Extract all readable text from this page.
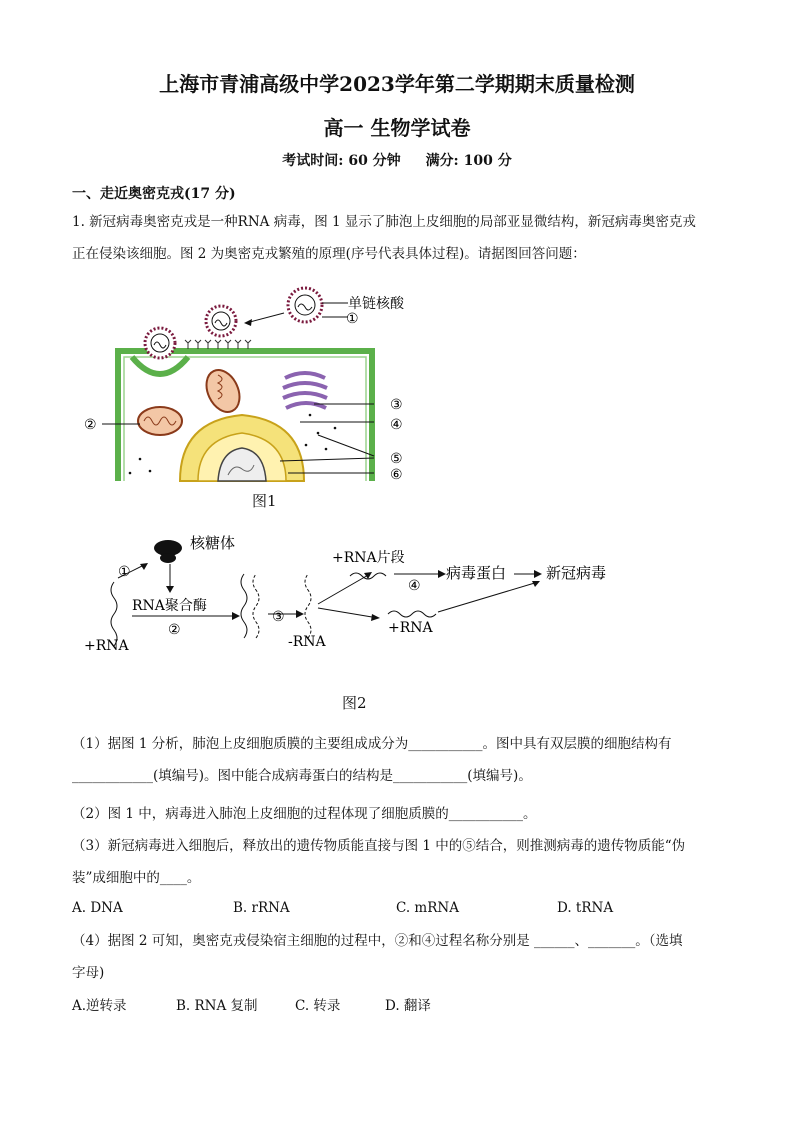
上海市青浦高级中学2023学年第二学期期末质量检测
高一 生物学试卷
考试时间: 60 分钟 满分: 100 分
一、走近奥密克戎(17 分)
1. 新冠病毒奥密克戎是一种RNA 病毒，图 1 显示了肺泡上皮细胞的局部亚显微结构，新冠病毒奥密克戎
正在侵染该细胞。图 2 为奥密克戎繁殖的原理(序号代表具体过程)。请据图回答问题：
单链核酸
①
②
③
④
⑤
⑥
图1
核糖体
①
RNA聚合酶
②
+RNA
③
-RNA
+RNA片段
④
病毒蛋白	新冠病毒
+RNA
图2
（1）据图 1 分析，肺泡上皮细胞质膜的主要组成成分为___________。图中具有双层膜的细胞结构有
____________(填编号)。图中能合成病毒蛋白的结构是___________(填编号)。
（2）图 1 中，病毒进入肺泡上皮细胞的过程体现了细胞质膜的___________。
（3）新冠病毒进入细胞后，释放出的遗传物质能直接与图 1 中的⑤结合，则推测病毒的遗传物质能“伪
装”成细胞中的____。
A. DNA	B. rRNA	C. mRNA	D. tRNA
（4）据图 2 可知，奥密克戎侵染宿主细胞的过程中，②和④过程名称分别是 ______、_______。（选填
字母)
A.逆转录	B. RNA 复制	C. 转录	D. 翻译
